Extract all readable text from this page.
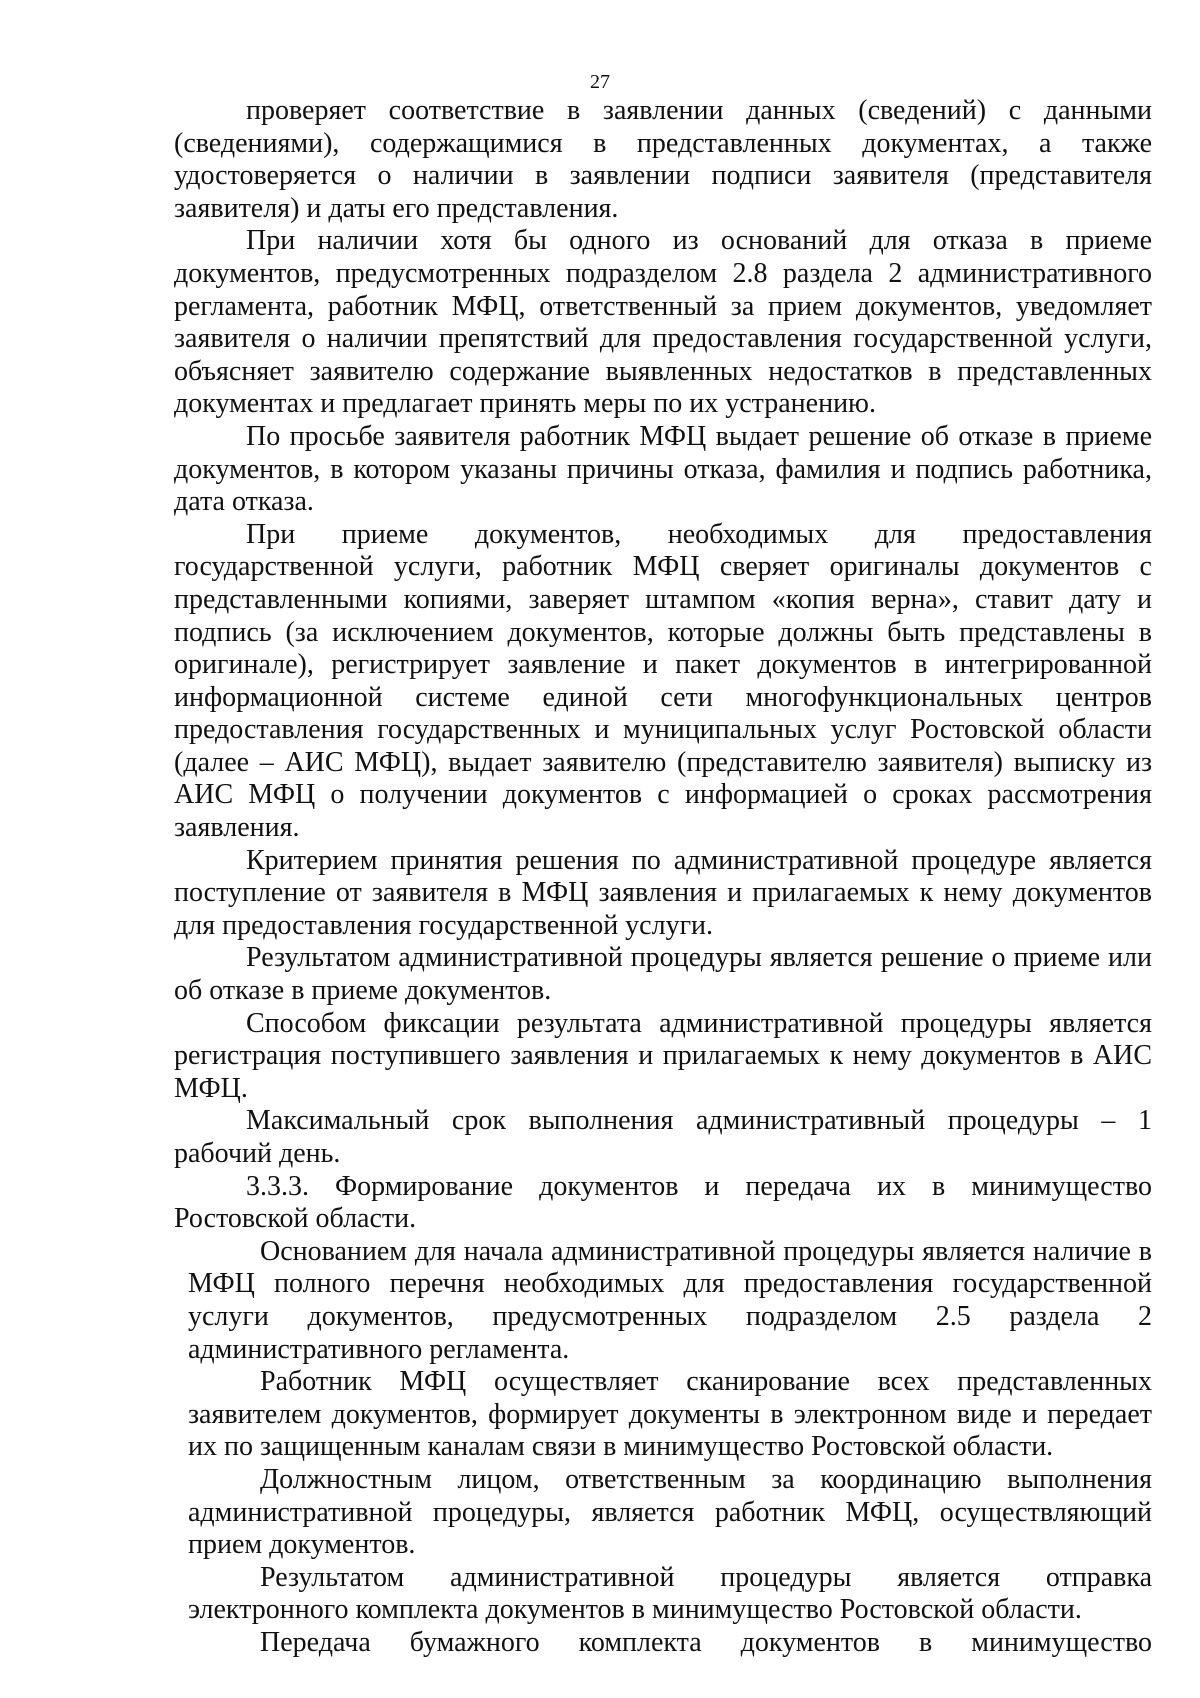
27

проверяет соответствие в заявлении данных (сведений) с данными (сведениями), содержащимися в представленных документах, а также удостоверяется о наличии в заявлении подписи заявителя (представителя заявителя) и даты его представления.

При наличии хотя бы одного из оснований для отказа в приеме документов, предусмотренных подразделом 2.8 раздела 2 административного регламента, работник МФЦ, ответственный за прием документов, уведомляет заявителя о наличии препятствий для предоставления государственной услуги, объясняет заявителю содержание выявленных недостатков в представленных документах и предлагает принять меры по их устранению.

По просьбе заявителя работник МФЦ выдает решение об отказе в приеме документов, в котором указаны причины отказа, фамилия и подпись работника, дата отказа.

При приеме документов, необходимых для предоставления государственной услуги, работник МФЦ сверяет оригиналы документов с представленными копиями, заверяет штампом «копия верна», ставит дату и подпись (за исключением документов, которые должны быть представлены в оригинале), регистрирует заявление и пакет документов в интегрированной информационной системе единой сети многофункциональных центров предоставления государственных и муниципальных услуг Ростовской области (далее – АИС МФЦ), выдает заявителю (представителю заявителя) выписку из АИС МФЦ о получении документов с информацией о сроках рассмотрения заявления.

Критерием принятия решения по административной процедуре является поступление от заявителя в МФЦ заявления и прилагаемых к нему документов для предоставления государственной услуги.

Результатом административной процедуры является решение о приеме или об отказе в приеме документов.

Способом фиксации результата административной процедуры является регистрация поступившего заявления и прилагаемых к нему документов в АИС МФЦ.

Максимальный срок выполнения административный процедуры – 1 рабочий день.

3.3.3. Формирование документов и передача их в минимущество Ростовской области.

Основанием для начала административной процедуры является наличие в МФЦ полного перечня необходимых для предоставления государственной услуги документов, предусмотренных подразделом 2.5 раздела 2 административного регламента.

Работник МФЦ осуществляет сканирование всех представленных заявителем документов, формирует документы в электронном виде и передает их по защищенным каналам связи в минимущество Ростовской области.

Должностным лицом, ответственным за координацию выполнения административной процедуры, является работник МФЦ, осуществляющий прием документов.

Результатом административной процедуры является отправка электронного комплекта документов в минимущество Ростовской области.

Передача бумажного комплекта документов в минимущество
